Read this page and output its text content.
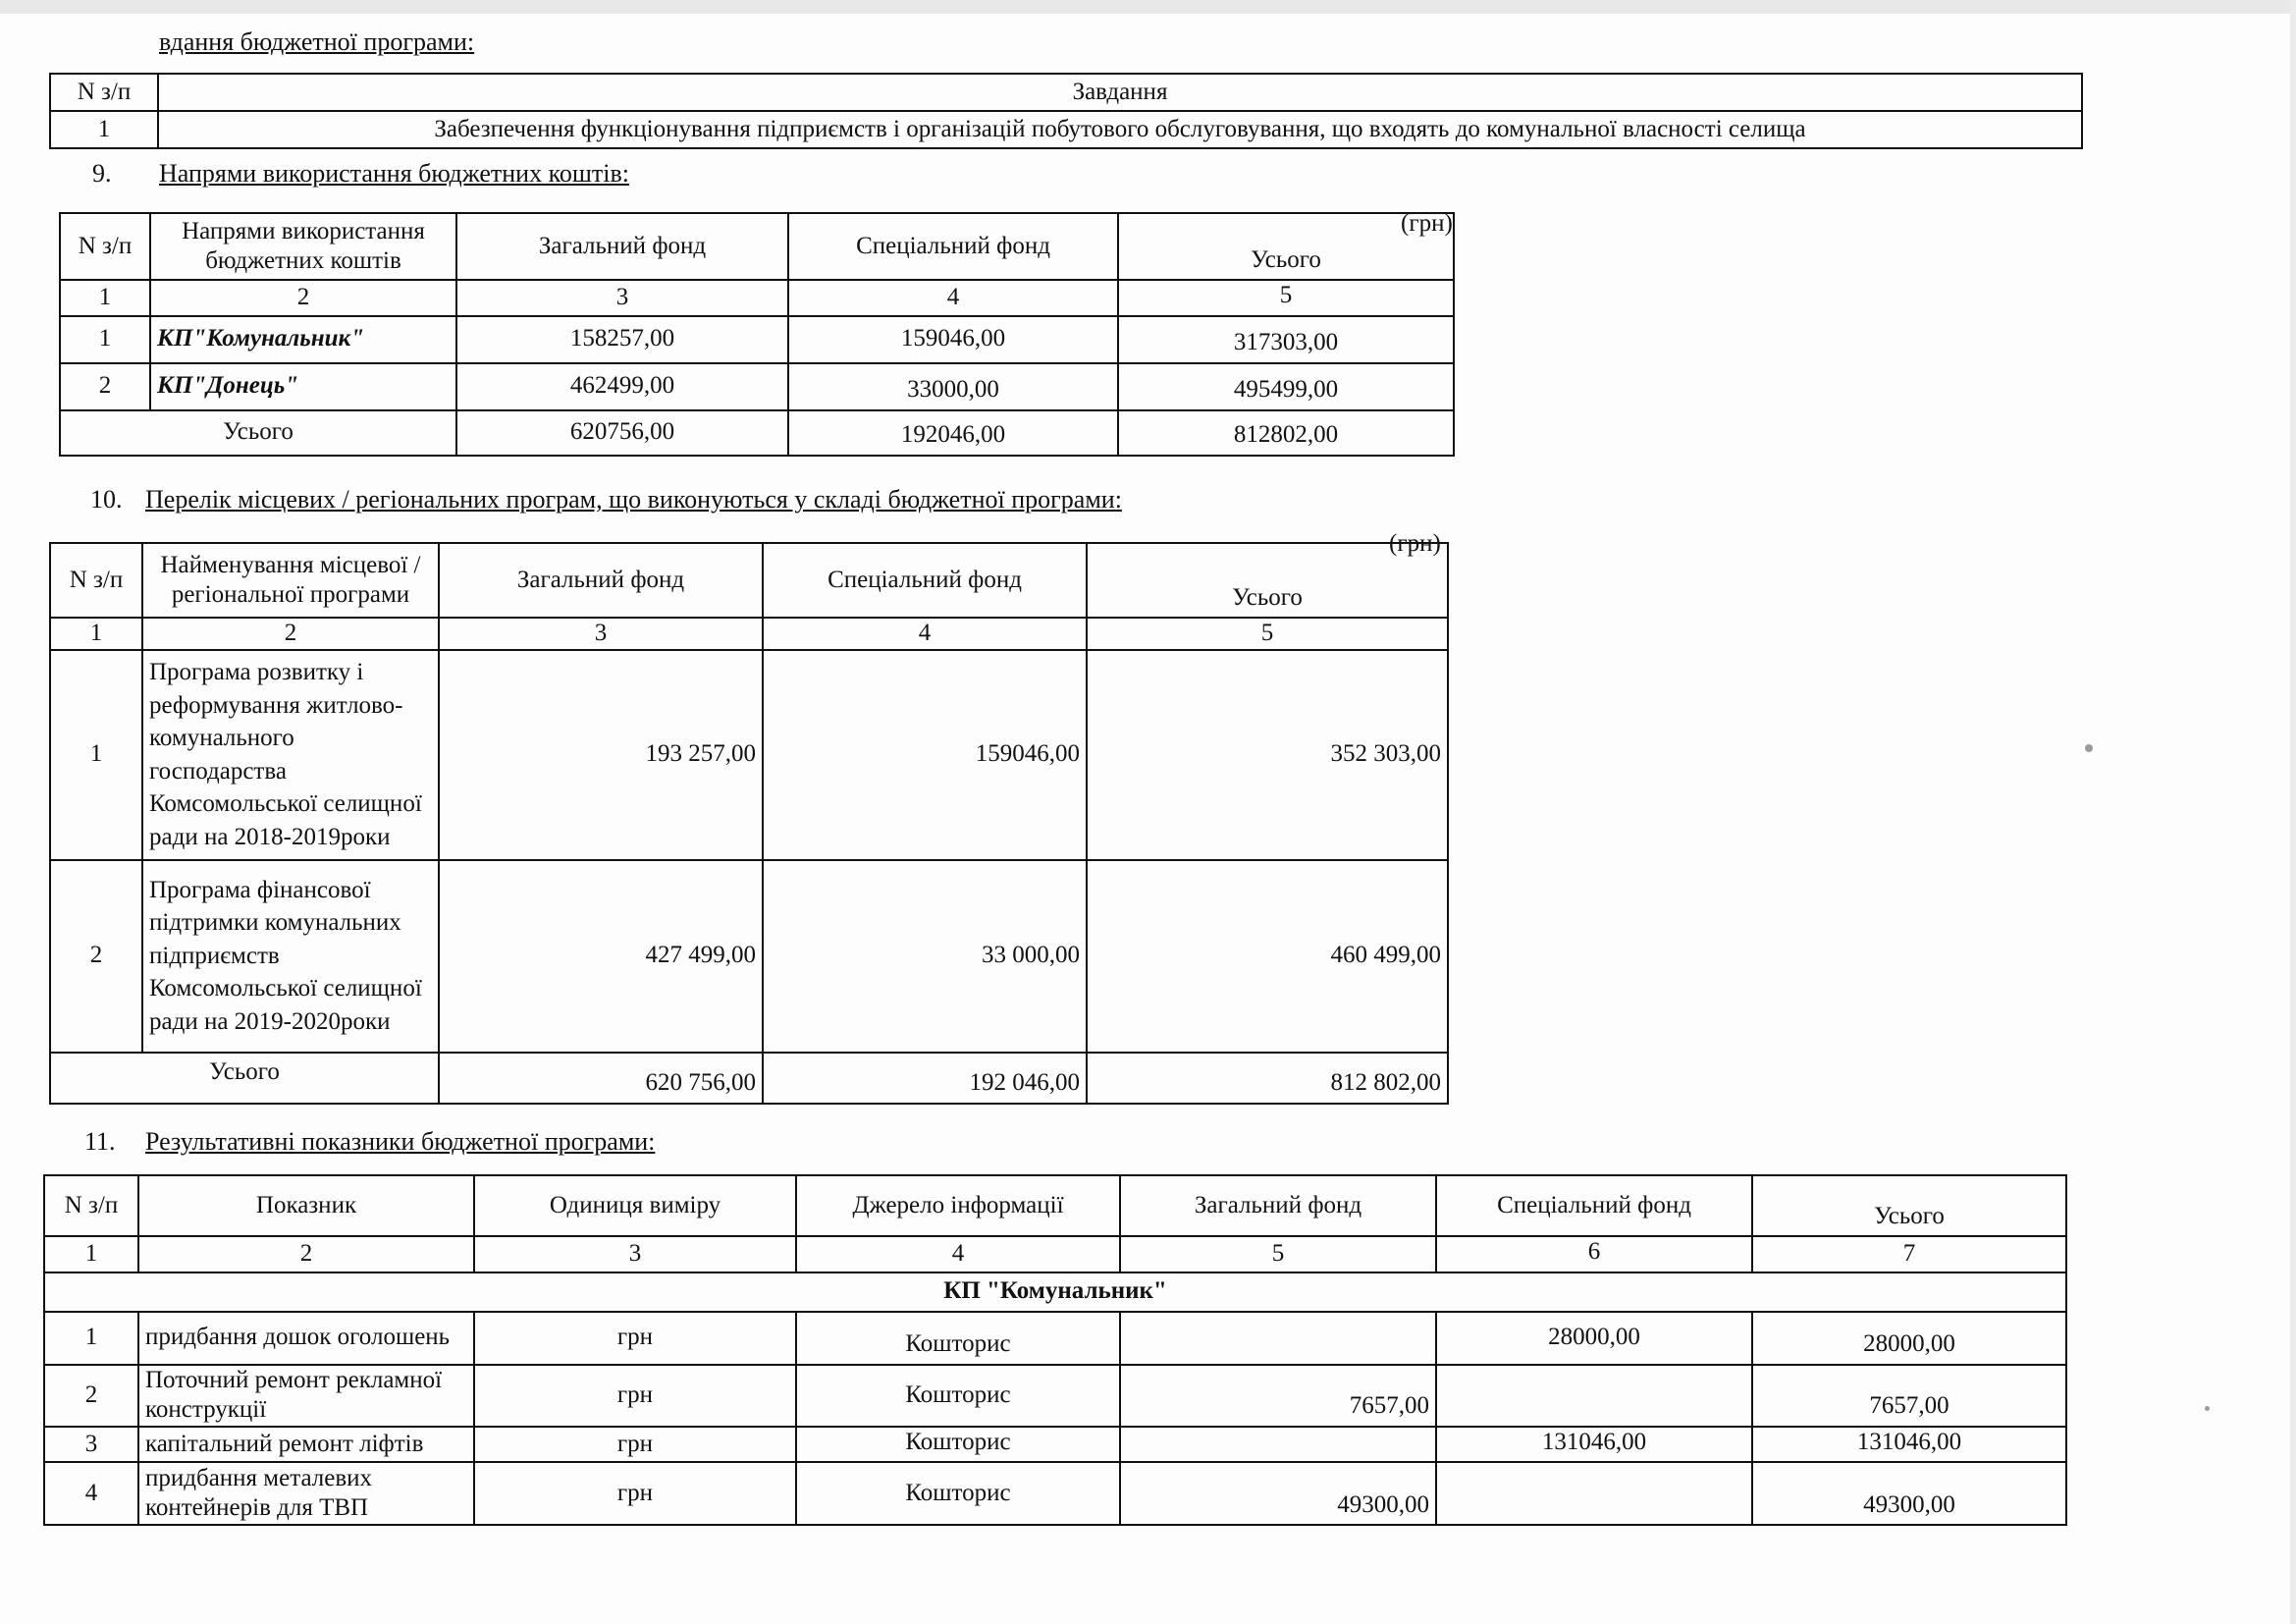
вдання бюджетної програми:
N з/п	Завдання
1	Забезпечення функціонування підприємств і організацій побутового обслуговування, що входять до комунальної власності селища
9. Напрями використання бюджетних коштів:
(грн)
N з/п	Напрями використання бюджетних коштів	Загальний фонд	Спеціальний фонд	Усього
1	2	3	4	5
1	КП"Комунальник"	158257,00	159046,00	317303,00
2	КП"Донець"	462499,00	33000,00	495499,00
Усього		620756,00	192046,00	812802,00
10. Перелік місцевих / регіональних програм, що виконуються у складі бюджетної програми:
(грн)
N з/п	Найменування місцевої / регіональної програми	Загальний фонд	Спеціальний фонд	Усього
1	2	3	4	5
1	Програма розвитку і реформування житлово-комунального господарства Комсомольської селищної ради на 2018-2019роки	193 257,00	159046,00	352 303,00
2	Програма фінансової підтримки комунальних підприємств Комсомольської селищної ради на 2019-2020роки	427 499,00	33 000,00	460 499,00
Усього		620 756,00	192 046,00	812 802,00
11. Результативні показники бюджетної програми:
N з/п	Показник	Одиниця виміру	Джерело інформації	Загальний фонд	Спеціальний фонд	Усього
1	2	3	4	5	6	7
КП "Комунальник"						
1	придбання дошок оголошень	грн	Кошторис		28000,00	28000,00
2	Поточний ремонт рекламної конструкції	грн	Кошторис	7657,00		7657,00
3	капітальний ремонт ліфтів	грн	Кошторис		131046,00	131046,00
4	придбання металевих контейнерів для ТВП	грн	Кошторис	49300,00		49300,00
